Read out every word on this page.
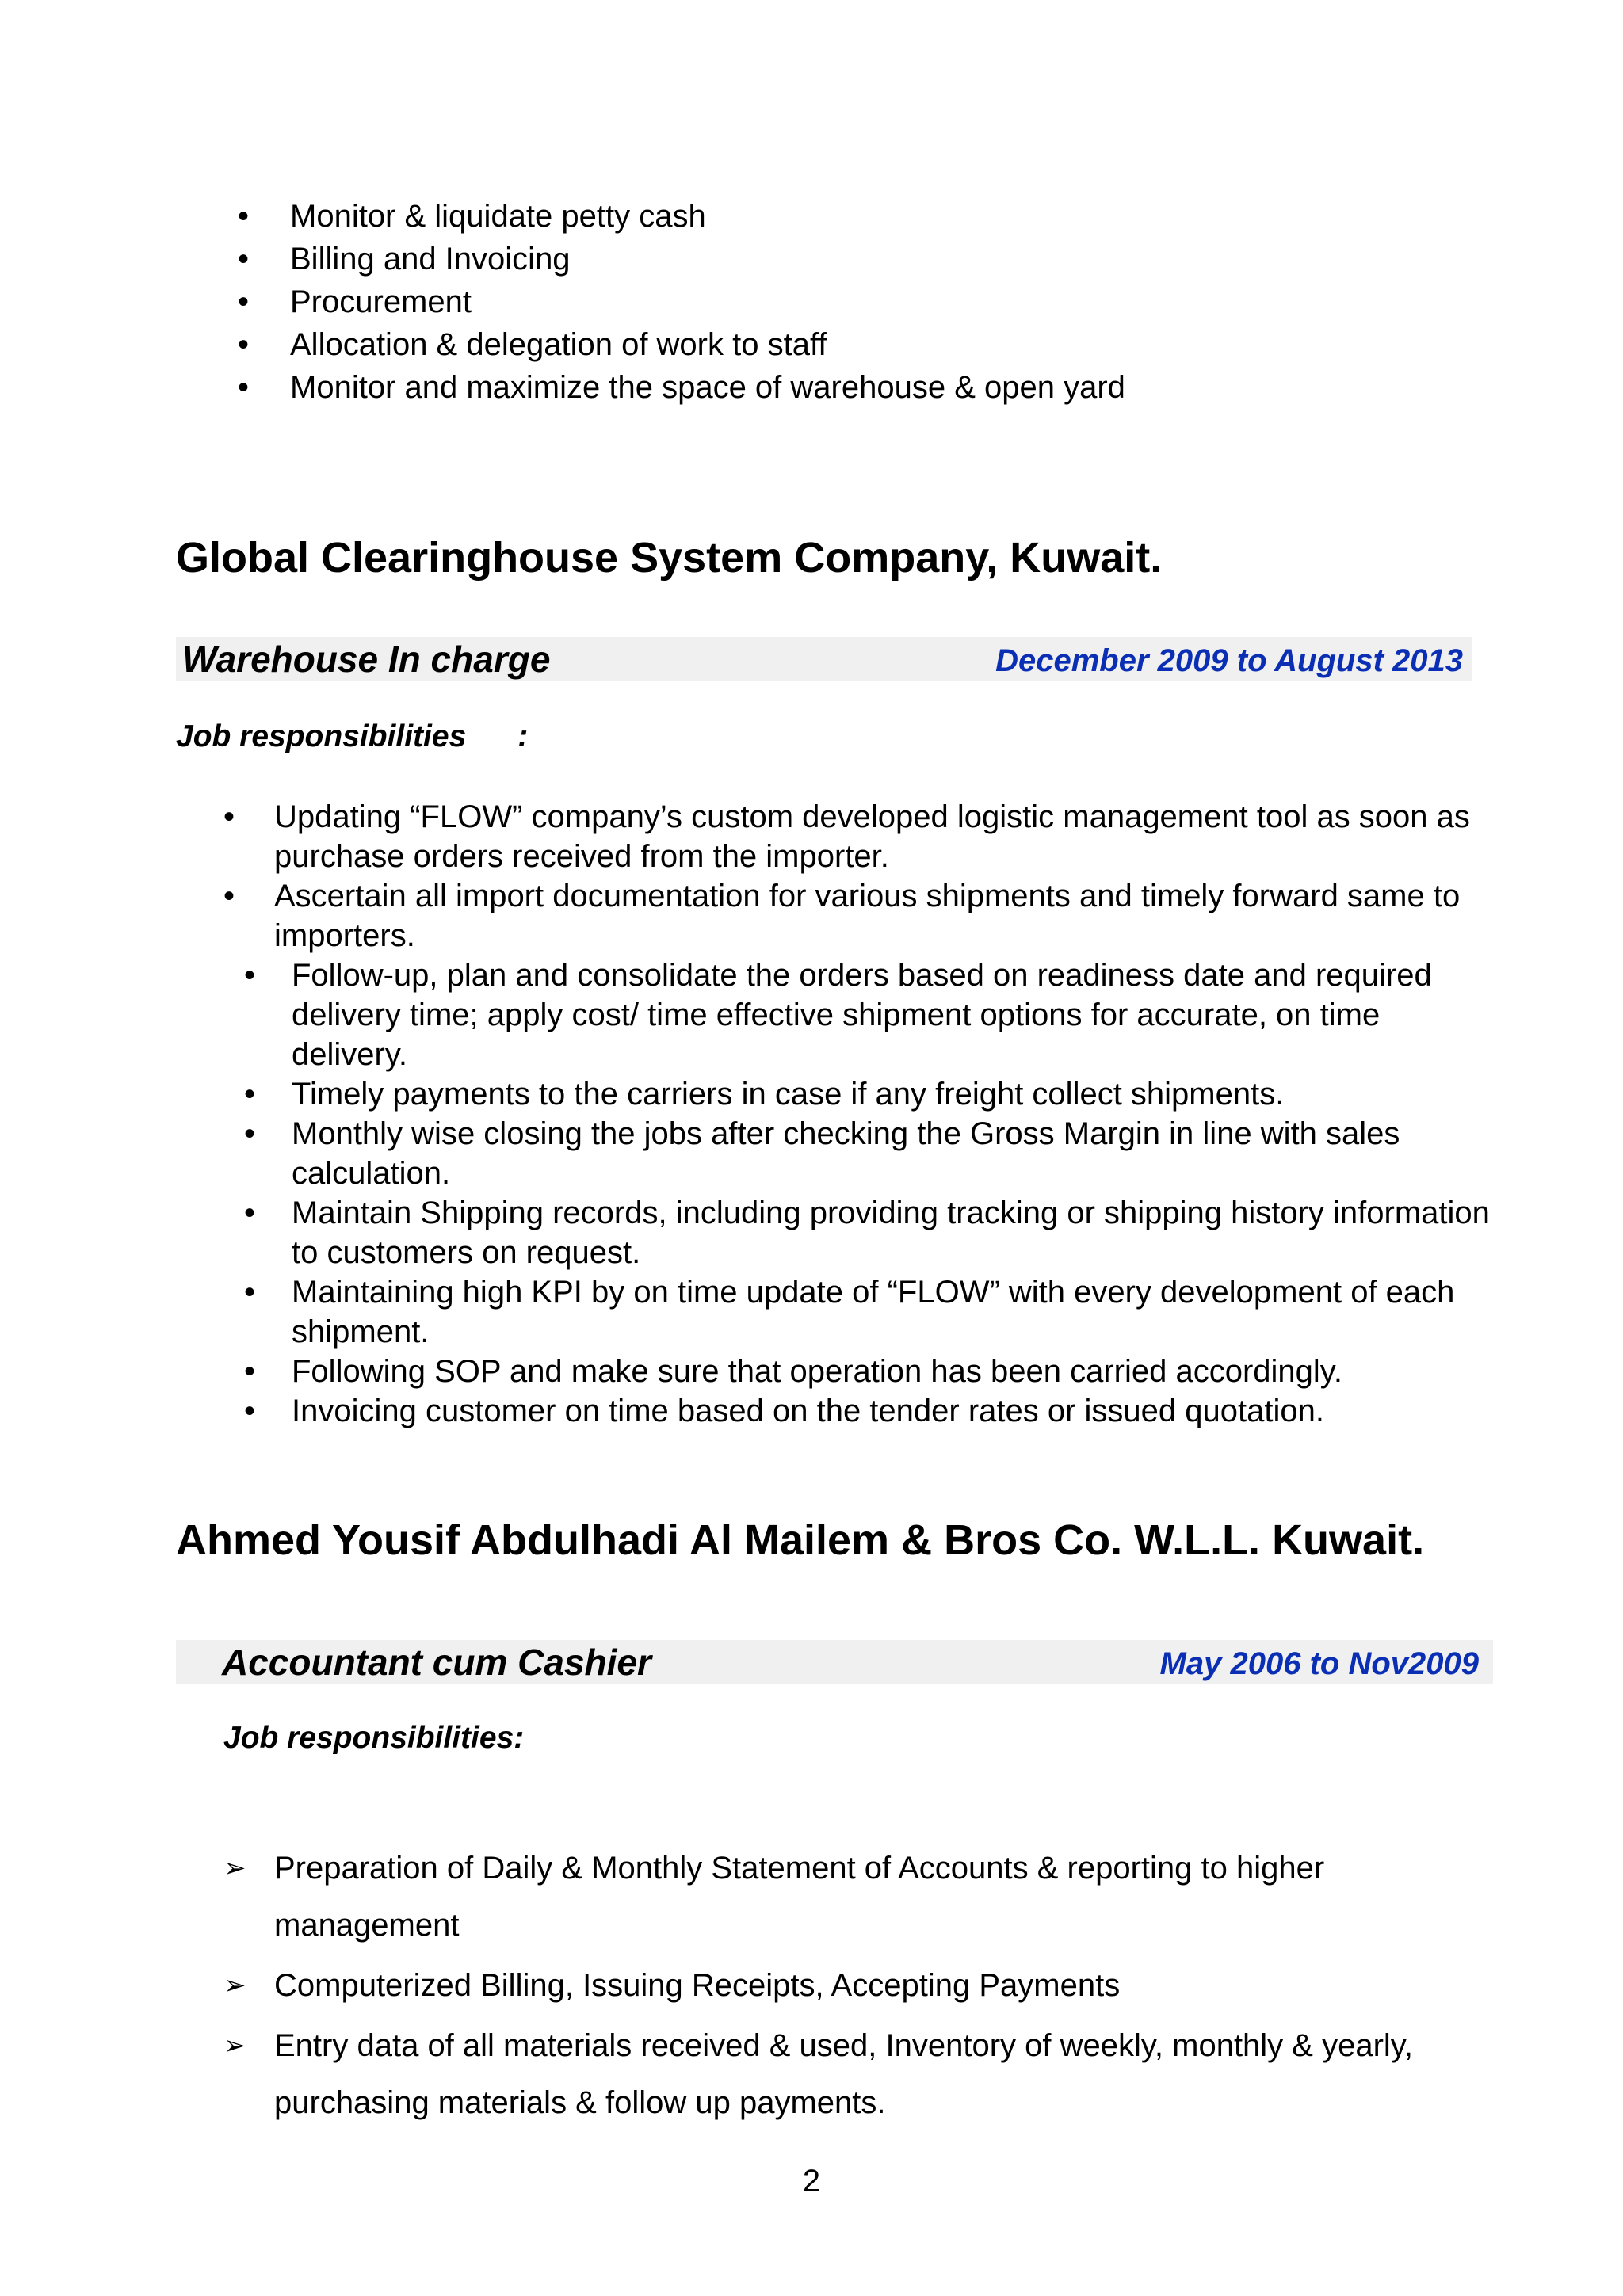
• Monitor & liquidate petty cash
• Billing and Invoicing
• Procurement
• Allocation & delegation of work to staff
• Monitor and maximize the space of warehouse & open yard
Global Clearinghouse System Company, Kuwait.
Warehouse In charge	December 2009 to August 2013
Job responsibilities      :
• Updating “FLOW” company’s custom developed logistic management tool as soon as purchase orders received from the importer.
• Ascertain all import documentation for various shipments and timely forward same to importers.
• Follow-up, plan and consolidate the orders based on readiness date and required delivery time; apply cost/ time effective shipment options for accurate, on time delivery.
• Timely payments to the carriers in case if any freight collect shipments.
• Monthly wise closing the jobs after checking the Gross Margin in line with sales calculation.
• Maintain Shipping records, including providing tracking or shipping history information to customers on request.
• Maintaining high KPI by on time update of “FLOW” with every development of each shipment.
• Following SOP and make sure that operation has been carried accordingly.
• Invoicing customer on time based on the tender rates or issued quotation.
Ahmed Yousif Abdulhadi Al Mailem & Bros Co. W.L.L. Kuwait.
Accountant cum Cashier	May 2006 to Nov2009
Job responsibilities:
➢ Preparation of Daily & Monthly Statement of Accounts & reporting to higher management
➢ Computerized Billing, Issuing Receipts, Accepting Payments
➢ Entry data of all materials received & used, Inventory of weekly, monthly & yearly, purchasing materials & follow up payments.
2
